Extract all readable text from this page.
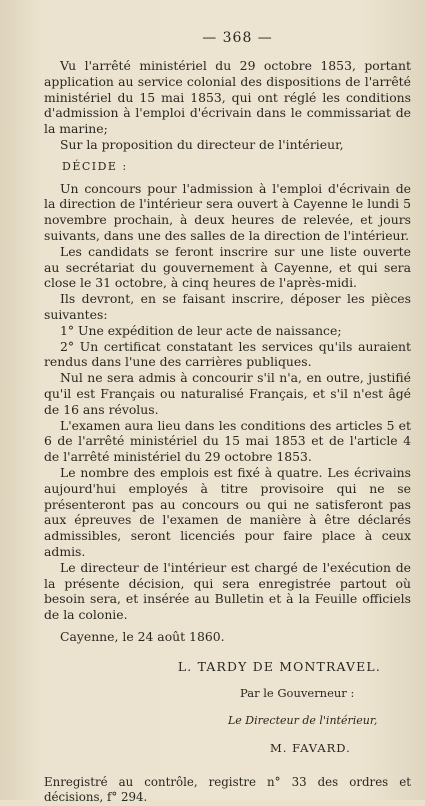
— 368 —

Vu l'arrêté ministériel du 29 octobre 1853, portant application au service colonial des dispositions de l'arrêté ministériel du 15 mai 1853, qui ont réglé les conditions d'admission à l'emploi d'écrivain dans le commissariat de la marine;

Sur la proposition du directeur de l'intérieur,

DÉCIDE :

Un concours pour l'admission à l'emploi d'écrivain de la direction de l'intérieur sera ouvert à Cayenne le lundi 5 novembre prochain, à deux heures de relevée, et jours suivants, dans une des salles de la direction de l'intérieur.

Les candidats se feront inscrire sur une liste ouverte au secrétariat du gouvernement à Cayenne, et qui sera close le 31 octobre, à cinq heures de l'après-midi.

Ils devront, en se faisant inscrire, déposer les pièces suivantes:

1° Une expédition de leur acte de naissance;

2° Un certificat constatant les services qu'ils auraient rendus dans l'une des carrières publiques.

Nul ne sera admis à concourir s'il n'a, en outre, justifié qu'il est Français ou naturalisé Français, et s'il n'est âgé de 16 ans révolus.

L'examen aura lieu dans les conditions des articles 5 et 6 de l'arrêté ministériel du 15 mai 1853 et de l'article 4 de l'arrêté ministériel du 29 octobre 1853.

Le nombre des emplois est fixé à quatre. Les écrivains aujourd'hui employés à titre provisoire qui ne se présenteront pas au concours ou qui ne satisferont pas aux épreuves de l'examen de manière à être déclarés admissibles, seront licenciés pour faire place à ceux admis.

Le directeur de l'intérieur est chargé de l'exécution de la présente décision, qui sera enregistrée partout où besoin sera, et insérée au Bulletin et à la Feuille officiels de la colonie.

Cayenne, le 24 août 1860.

L. TARDY DE MONTRAVEL.
Par le Gouverneur :
Le Directeur de l'intérieur,
M. FAVARD.

Enregistré au contrôle, registre n° 33 des ordres et décisions, f° 294.
